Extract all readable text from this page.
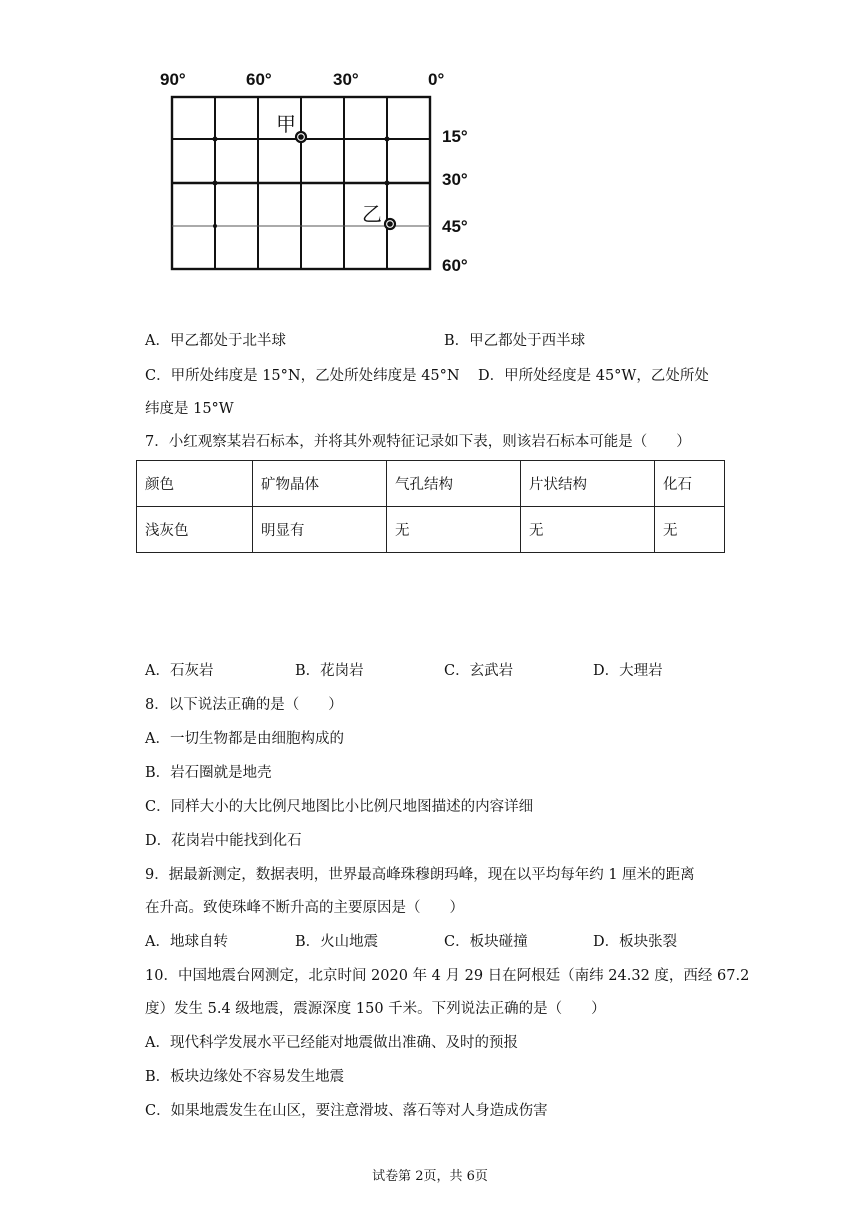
90°	60°	30°	0°
甲
乙
15°
30°
45°
60°
A．甲乙都处于北半球	B．甲乙都处于西半球
C．甲所处纬度是 15°N，乙处所处纬度是 45°N D．甲所处经度是 45°W，乙处所处
纬度是 15°W
7．小红观察某岩石标本，并将其外观特征记录如下表，则该岩石标本可能是（　　）
颜色	矿物晶体	气孔结构	片状结构	化石
浅灰色	明显有	无	无	无
A．石灰岩	B．花岗岩	C．玄武岩	D．大理岩
8．以下说法正确的是（　　）
A．一切生物都是由细胞构成的
B．岩石圈就是地壳
C．同样大小的大比例尺地图比小比例尺地图描述的内容详细
D．花岗岩中能找到化石
9．据最新测定，数据表明，世界最高峰珠穆朗玛峰，现在以平均每年约 1 厘米的距离
在升高。致使珠峰不断升高的主要原因是（　　）
A．地球自转	B．火山地震	C．板块碰撞	D．板块张裂
10．中国地震台网测定，北京时间 2020 年 4 月 29 日在阿根廷（南纬 24.32 度，西经 67.2
度）发生 5.4 级地震，震源深度 150 千米。下列说法正确的是（　　）
A．现代科学发展水平已经能对地震做出准确、及时的预报
B．板块边缘处不容易发生地震
C．如果地震发生在山区，要注意滑坡、落石等对人身造成伤害
试卷第 2页，共 6页
